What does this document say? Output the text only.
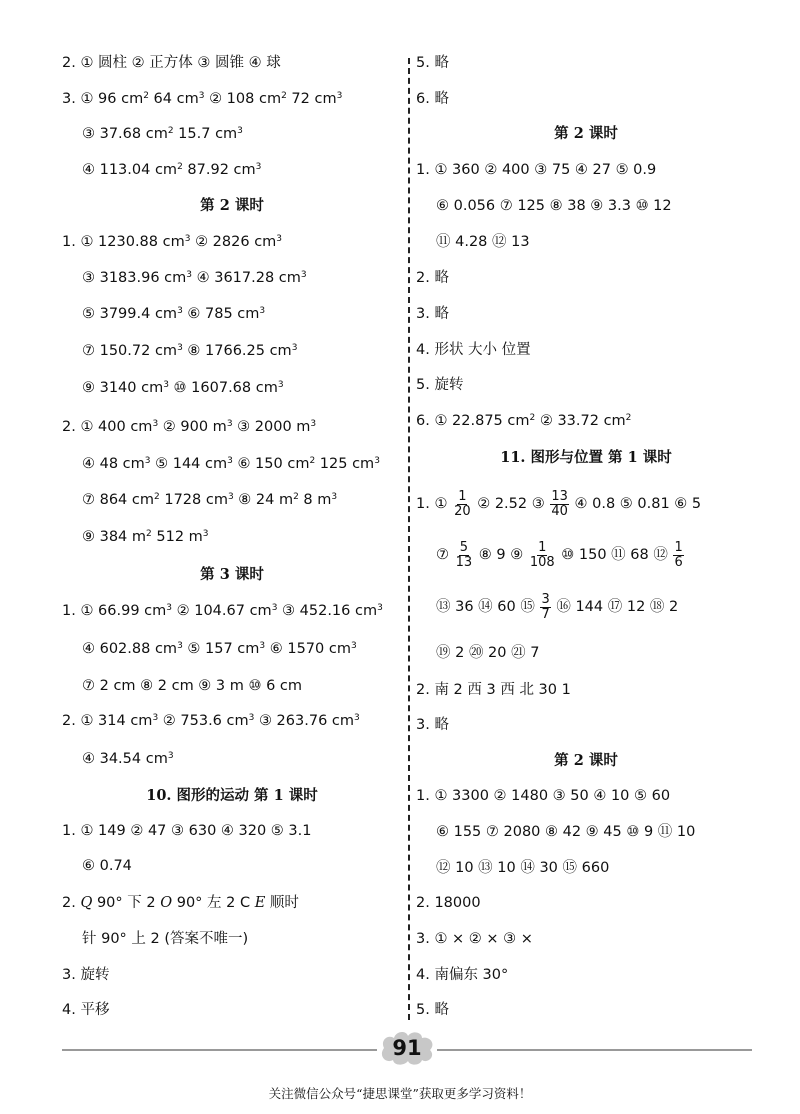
2. ① 圆柱 ② 正方体 ③ 圆锥 ④ 球
3. ① 96 $cm^2$ 64 $cm^3$ ② 108 $cm^2$ 72 $cm^3$
③ 37.68 $cm^2$ 15.7 $cm^3$
④ 113.04 $cm^2$ 87.92 $cm^3$
第 2 课时
1. ① 1230.88 $cm^3$ ② 2826 $cm^3$
③ 3183.96 $cm^3$ ④ 3617.28 $cm^3$
⑤ 3799.4 $cm^3$ ⑥ 785 $cm^3$
⑦ 150.72 $cm^3$ ⑧ 1766.25 $cm^3$
⑨ 3140 $cm^3$ ⑩ 1607.68 $cm^3$
2. ① 400 $cm^3$ ② 900 $m^3$ ③ 2000 $m^3$
④ 48 $cm^3$ ⑤ 144 $cm^3$ ⑥ 150 $cm^2$ 125 $cm^3$
⑦ 864 $cm^2$ 1728 $cm^3$ ⑧ 24 $m^2$ 8 $m^3$
⑨ 384 $m^2$ 512 $m^3$
第 3 课时
1. ① 66.99 $cm^3$ ② 104.67 $cm^3$ ③ 452.16 $cm^3$
④ 602.88 $cm^3$ ⑤ 157 $cm^3$ ⑥ 1570 $cm^3$
⑦ 2 cm ⑧ 2 cm ⑨ 3 m ⑩ 6 cm
2. ① 314 $cm^3$ ② 753.6 $cm^3$ ③ 263.76 $cm^3$
④ 34.54 $cm^3$
10. 图形的运动 第 1 课时
1. ① 149 ② 47 ③ 630 ④ 320 ⑤ 3.1
⑥ 0.74
2. Q 90° 下 2 O 90° 左 2 C E 顺时
针 90° 上 2 (答案不唯一)
3. 旋转
4. 平移
5. 略
6. 略
第 2 课时
1. ① 360 ② 400 ③ 75 ④ 27 ⑤ 0.9
⑥ 0.056 ⑦ 125 ⑧ 38 ⑨ 3.3 ⑩ 12
⑪ 4.28 ⑫ 13
2. 略
3. 略
4. 形状 大小 位置
5. 旋转
6. ① 22.875 $cm^2$ ② 33.72 $cm^2$
11. 图形与位置 第 1 课时
1. ① $\frac{1}{20}$ ② 2.52 ③ $\frac{13}{40}$ ④ 0.8 ⑤ 0.81 ⑥ 5
⑦ $\frac{5}{13}$ ⑧ 9 ⑨ $\frac{1}{108}$ ⑩ 150 ⑪ 68 ⑫ $\frac{1}{6}$
⑬ 36 ⑭ 60 ⑮ $\frac{3}{7}$ ⑯ 144 ⑰ 12 ⑱ 2
⑲ 2 ⑳ 20 ㉑ 7
2. 南 2 西 3 西 北 30 1
3. 略
第 2 课时
1. ① 3300 ② 1480 ③ 50 ④ 10 ⑤ 60
⑥ 155 ⑦ 2080 ⑧ 42 ⑨ 45 ⑩ 9 ⑪ 10
⑫ 10 ⑬ 10 ⑭ 30 ⑮ 660
2. 18000
3. ① × ② × ③ ×
4. 南偏东 30°
5. 略
91
关注微信公众号“捷思课堂”获取更多学习资料！
